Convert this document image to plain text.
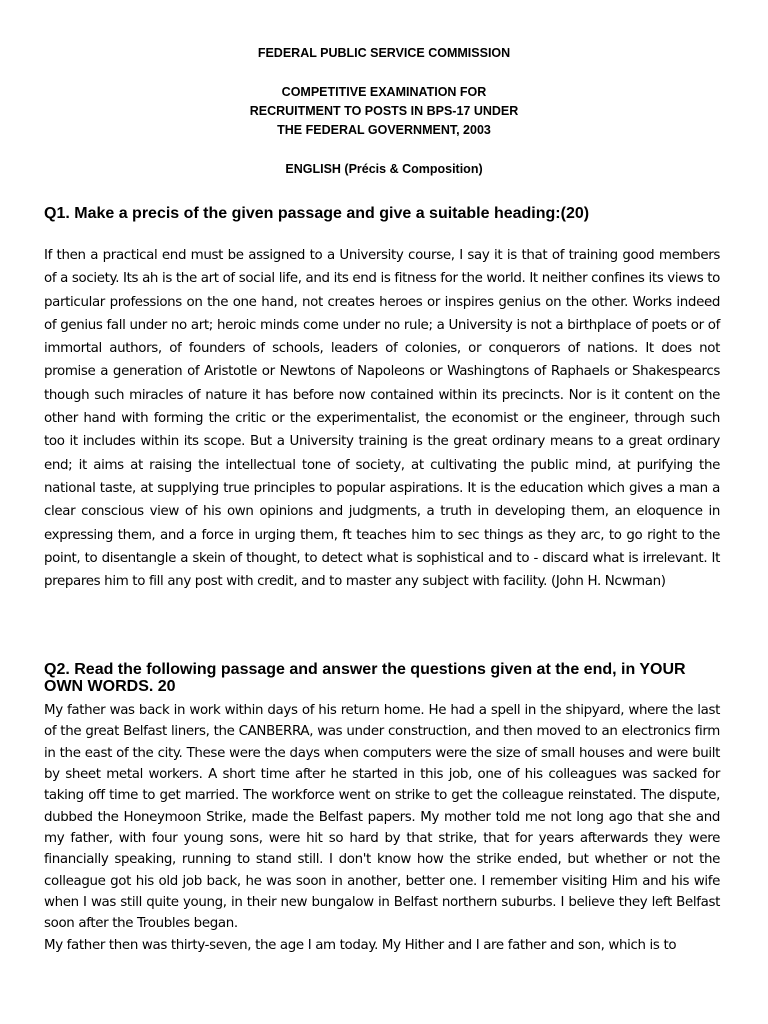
FEDERAL PUBLIC SERVICE COMMISSION
COMPETITIVE EXAMINATION FOR
RECRUITMENT TO POSTS IN BPS-17 UNDER
THE FEDERAL GOVERNMENT, 2003
ENGLISH (Précis & Composition)
Q1. Make a precis of the given passage and give a suitable heading:(20)

If then a practical end must be assigned to a University course, I say it is that of training good members of a society. Its ah is the art of social life, and its end is fitness for the world. It neither confines its views to particular professions on the one hand, not creates heroes or inspires genius on the other. Works indeed of genius fall under no art; heroic minds come under no rule; a University is not a birthplace of poets or of immortal authors, of founders of schools, leaders of colonies, or conquerors of nations. It does not promise a generation of Aristotle or Newtons of Napoleons or Washingtons of Raphaels or Shakespearcs though such miracles of nature it has before now contained within its precincts. Nor is it content on the other hand with forming the critic or the experimentalist, the economist or the engineer, through such too it includes within its scope. But a University training is the great ordinary means to a great ordinary end; it aims at raising the intellectual tone of society, at cultivating the public mind, at purifying the national taste, at supplying true principles to popular aspirations. It is the education which gives a man a clear conscious view of his own opinions and judgments, a truth in developing them, an eloquence in expressing them, and a force in urging them, ft teaches him to sec things as they arc, to go right to the point, to disentangle a skein of thought, to detect what is sophistical and to - discard what is irrelevant. It prepares him to fill any post with credit, and to master any subject with facility. (John H. Ncwman)

Q2. Read the following passage and answer the questions given at the end, in YOUR OWN WORDS. 20

My father was back in work within days of his return home. He had a spell in the shipyard, where the last of the great Belfast liners, the CANBERRA, was under construction, and then moved to an electronics firm in the east of the city. These were the days when computers were the size of small houses and were built by sheet metal workers. A short time after he started in this job, one of his colleagues was sacked for taking off time to get married. The workforce went on strike to get the colleague reinstated. The dispute, dubbed the Honeymoon Strike, made the Belfast papers. My mother told me not long ago that she and my father, with four young sons, were hit so hard by that strike, that for years afterwards they were financially speaking, running to stand still. I don't know how the strike ended, but whether or not the colleague got his old job back, he was soon in another, better one. I remember visiting Him and his wife when I was still quite young, in their new bungalow in Belfast northern suburbs. I believe they left Belfast soon after the Troubles began.

My father then was thirty-seven, the age I am today. My Hither and I are father and son, which is to
